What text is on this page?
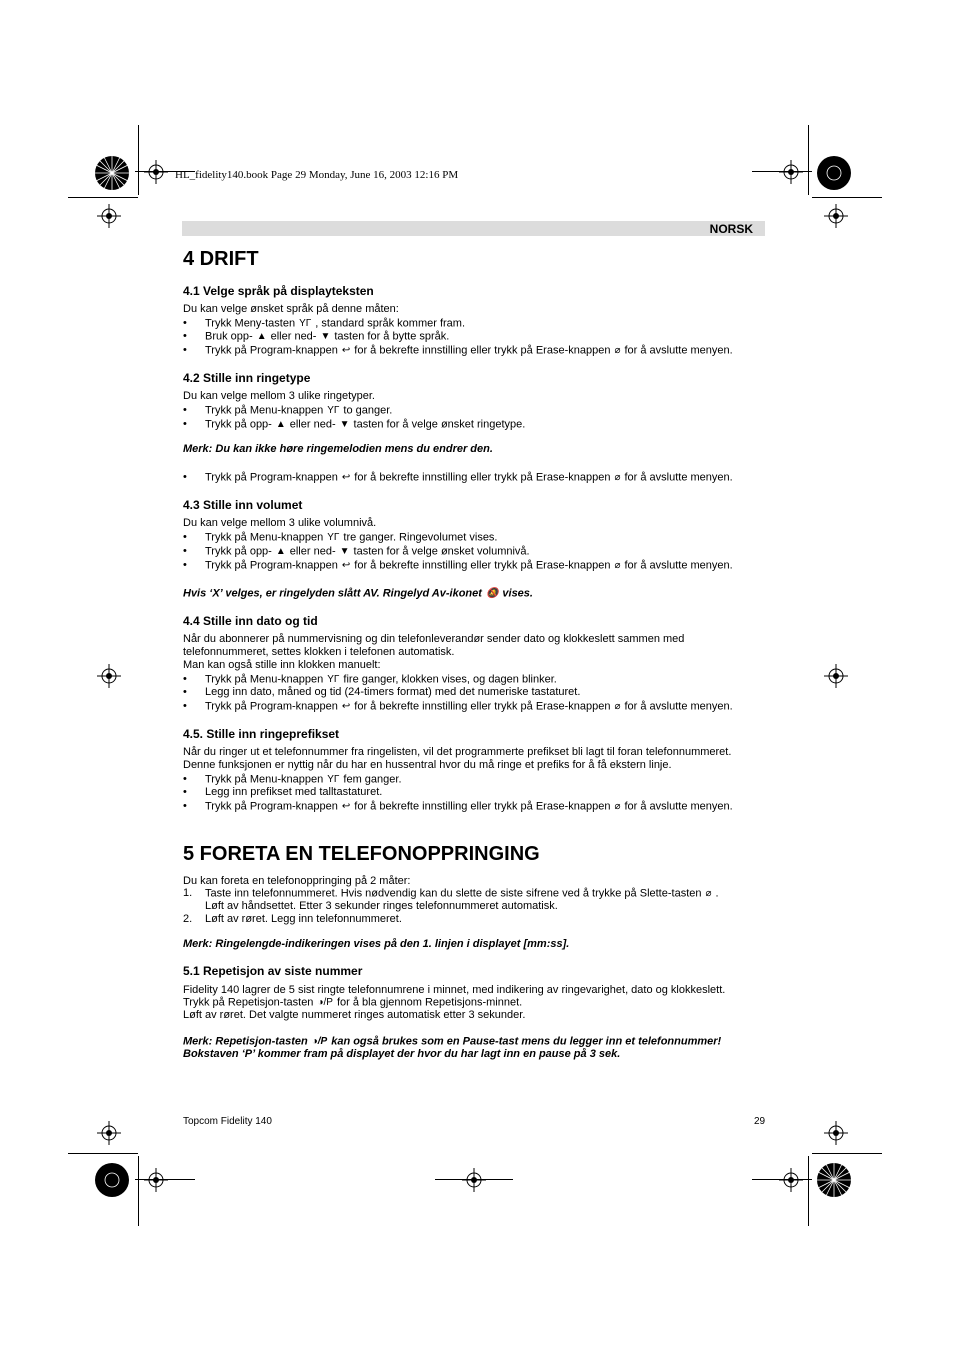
HL_fidelity140.book Page 29 Monday, June 16, 2003 12:16 PM
NORSK
4 DRIFT
4.1 Velge språk på displayteksten
Du kan velge ønsket språk på denne måten:
• Trykk Meny-tasten ΥΓ , standard språk kommer fram.
• Bruk opp- ▲ eller ned- ▼ tasten for å bytte språk.
• Trykk på Program-knappen ↩ for å bekrefte innstilling eller trykk på Erase-knappen ⌀ for å avslutte menyen.
4.2 Stille inn ringetype
Du kan velge mellom 3 ulike ringetyper.
• Trykk på Menu-knappen ΥΓ to ganger.
• Trykk på opp- ▲ eller ned- ▼ tasten for å velge ønsket ringetype.
Merk: Du kan ikke høre ringemelodien mens du endrer den.
• Trykk på Program-knappen ↩ for å bekrefte innstilling eller trykk på Erase-knappen ⌀ for å avslutte menyen.
4.3 Stille inn volumet
Du kan velge mellom 3 ulike volumnivå.
• Trykk på Menu-knappen ΥΓ tre ganger. Ringevolumet vises.
• Trykk på opp- ▲ eller ned- ▼ tasten for å velge ønsket volumnivå.
• Trykk på Program-knappen ↩ for å bekrefte innstilling eller trykk på Erase-knappen ⌀ for å avslutte menyen.
Hvis ‘X’ velges, er ringelyden slått AV. Ringelyd Av-ikonet 🔕 vises.
4.4 Stille inn dato og tid
Når du abonnerer på nummervisning og din telefonleverandør sender dato og klokkeslett sammen med
telefonnummeret, settes klokken i telefonen automatisk.
Man kan også stille inn klokken manuelt:
• Trykk på Menu-knappen ΥΓ fire ganger, klokken vises, og dagen blinker.
• Legg inn dato, måned og tid (24-timers format) med det numeriske tastaturet.
• Trykk på Program-knappen ↩ for å bekrefte innstilling eller trykk på Erase-knappen ⌀ for å avslutte menyen.
4.5. Stille inn ringeprefikset
Når du ringer ut et telefonnummer fra ringelisten, vil det programmerte prefikset bli lagt til foran telefonnummeret.
Denne funksjonen er nyttig når du har en hussentral hvor du må ringe et prefiks for å få ekstern linje.
• Trykk på Menu-knappen ΥΓ fem ganger.
• Legg inn prefikset med talltastaturet.
• Trykk på Program-knappen ↩ for å bekrefte innstilling eller trykk på Erase-knappen ⌀ for å avslutte menyen.
5 FORETA EN TELEFONOPPRINGING
Du kan foreta en telefonoppringing på 2 måter:
1. Taste inn telefonnummeret. Hvis nødvendig kan du slette de siste sifrene ved å trykke på Slette-tasten ⌀ .
Løft av håndsettet. Etter 3 sekunder ringes telefonnummeret automatisk.
2. Løft av røret. Legg inn telefonnummeret.
Merk: Ringelengde-indikeringen vises på den 1. linjen i displayet [mm:ss].
5.1 Repetisjon av siste nummer
Fidelity 140 lagrer de 5 sist ringte telefonnumrene i minnet, med indikering av ringevarighet, dato og klokkeslett.
Trykk på Repetisjon-tasten ◑/P for å bla gjennom Repetisjons-minnet.
Løft av røret. Det valgte nummeret ringes automatisk etter 3 sekunder.
Merk: Repetisjon-tasten ◑/P kan også brukes som en Pause-tast mens du legger inn et telefonnummer!
Bokstaven ‘P’ kommer fram på displayet der hvor du har lagt inn en pause på 3 sek.
Topcom Fidelity 140	29
